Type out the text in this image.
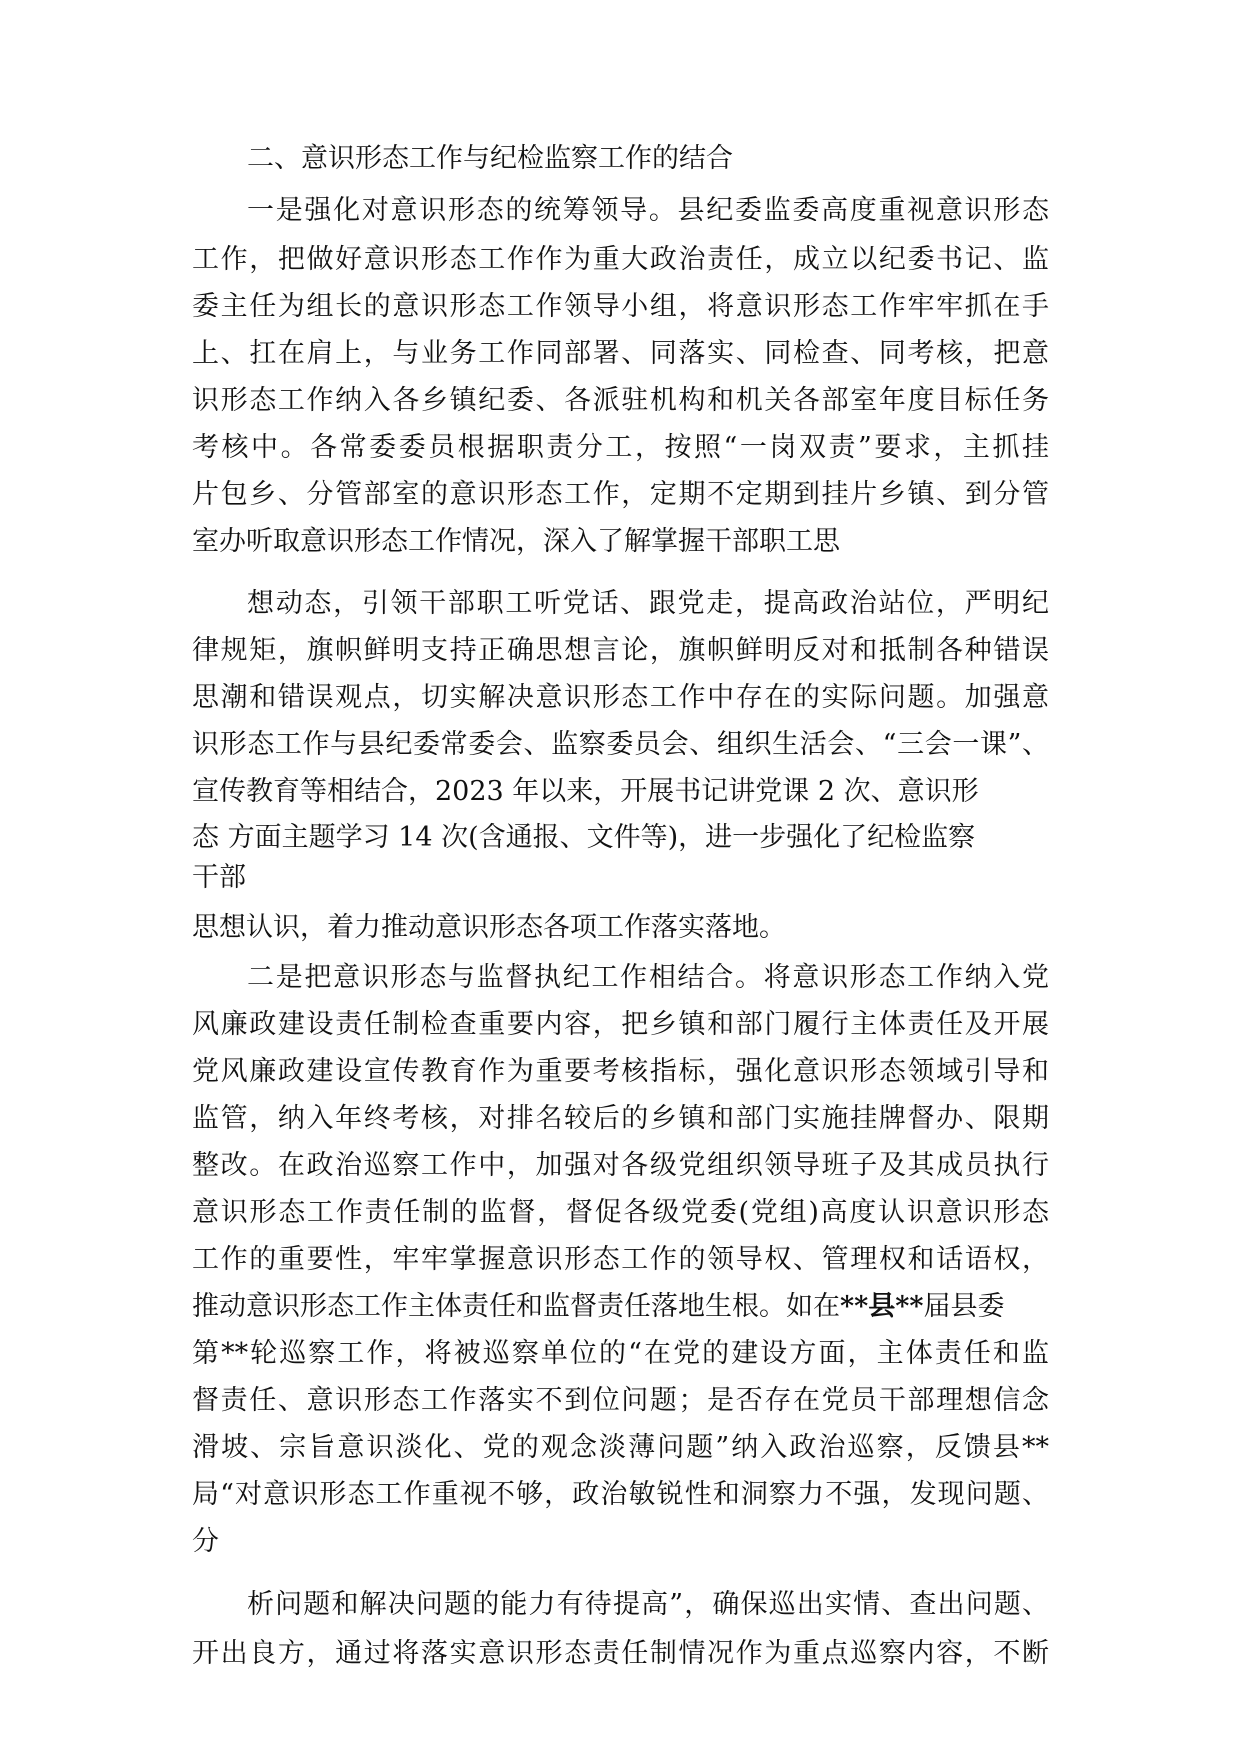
二、意识形态工作与纪检监察工作的结合
一是强化对意识形态的统筹领导。县纪委监委高度重视意识形态
工作，把做好意识形态工作作为重大政治责任，成立以纪委书记、监
委主任为组长的意识形态工作领导小组，将意识形态工作牢牢抓在手
上、扛在肩上，与业务工作同部署、同落实、同检查、同考核，把意
识形态工作纳入各乡镇纪委、各派驻机构和机关各部室年度目标任务
考核中。各常委委员根据职责分工，按照“一岗双责”要求，主抓挂
片包乡、分管部室的意识形态工作，定期不定期到挂片乡镇、到分管
室办听取意识形态工作情况，深入了解掌握干部职工思
想动态，引领干部职工听党话、跟党走，提高政治站位，严明纪
律规矩，旗帜鲜明支持正确思想言论，旗帜鲜明反对和抵制各种错误
思潮和错误观点，切实解决意识形态工作中存在的实际问题。加强意
识形态工作与县纪委常委会、监察委员会、组织生活会、“三会一课”、
宣传教育等相结合，2023 年以来，开展书记讲党课 2 次、意识形
态 方面主题学习 14 次(含通报、文件等)，进一步强化了纪检监察
干部
思想认识，着力推动意识形态各项工作落实落地。
二是把意识形态与监督执纪工作相结合。将意识形态工作纳入党
风廉政建设责任制检查重要内容，把乡镇和部门履行主体责任及开展
党风廉政建设宣传教育作为重要考核指标，强化意识形态领域引导和
监管，纳入年终考核，对排名较后的乡镇和部门实施挂牌督办、限期
整改。在政治巡察工作中，加强对各级党组织领导班子及其成员执行
意识形态工作责任制的监督，督促各级党委(党组)高度认识意识形态
工作的重要性，牢牢掌握意识形态工作的领导权、管理权和话语权，
推动意识形态工作主体责任和监督责任落地生根。如在**县**届县委
第**轮巡察工作，将被巡察单位的“在党的建设方面，主体责任和监
督责任、意识形态工作落实不到位问题；是否存在党员干部理想信念
滑坡、宗旨意识淡化、党的观念淡薄问题”纳入政治巡察，反馈县**
局“对意识形态工作重视不够，政治敏锐性和洞察力不强，发现问题、
分
析问题和解决问题的能力有待提高”，确保巡出实情、查出问题、
开出良方，通过将落实意识形态责任制情况作为重点巡察内容，不断
